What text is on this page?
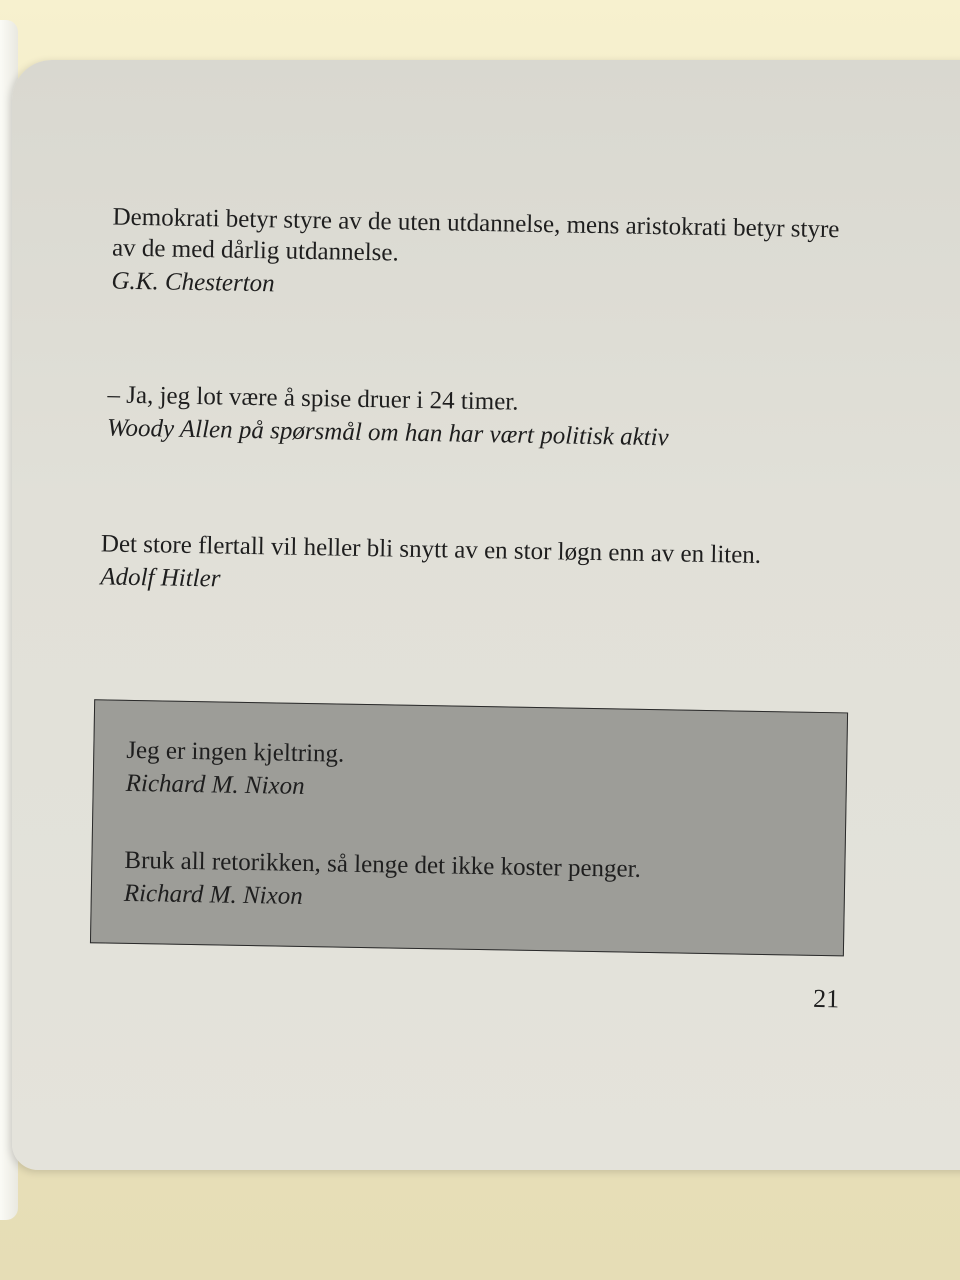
Demokrati betyr styre av de uten utdannelse, mens aristokrati betyr styre av de med dårlig utdannelse.
G.K. Chesterton
– Ja, jeg lot være å spise druer i 24 timer.
Woody Allen på spørsmål om han har vært politisk aktiv
Det store flertall vil heller bli snytt av en stor løgn enn av en liten.
Adolf Hitler
Jeg er ingen kjeltring.
Richard M. Nixon
Bruk all retorikken, så lenge det ikke koster penger.
Richard M. Nixon
21
